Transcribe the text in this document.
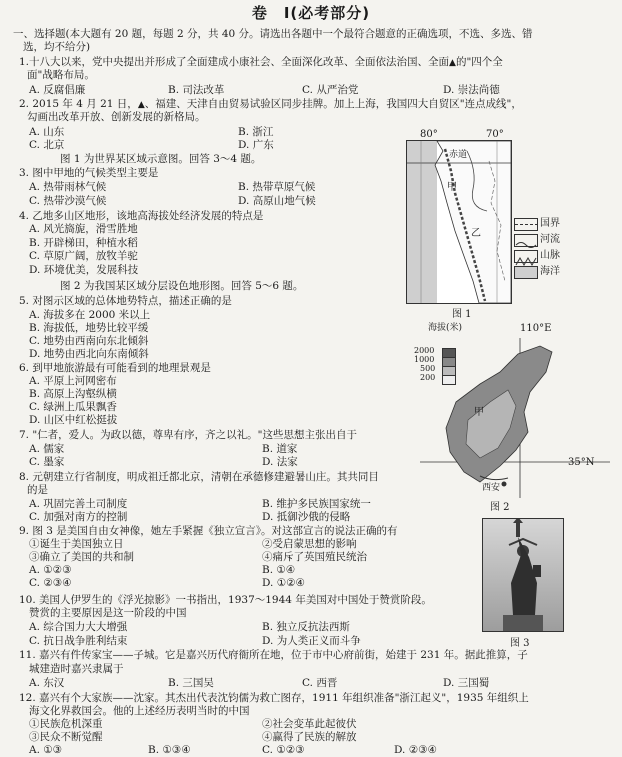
卷　Ⅰ(必考部分)
一、选择题(本大题有 20 题，每题 2 分，共 40 分。请选出各题中一个最符合题意的正确选项，不选、多选、错
选，均不给分)
1.十八大以来，党中央提出并形成了全面建成小康社会、全面深化改革、全面依法治国、全面▲的"四个全
面"战略布局。
A. 反腐倡廉	B. 司法改革	C. 从严治党	D. 崇法尚德
2. 2015 年 4 月 21 日，▲、福建、天津自由贸易试验区同步挂牌。加上上海，我国四大自贸区"连点成线"，
勾画出改革开放、创新发展的新格局。
A. 山东	B. 浙江
C. 北京	D. 广东
图 1 为世界某区域示意图。回答 3～4 题。
3. 图中甲地的气候类型主要是
A. 热带雨林气候	B. 热带草原气候
C. 热带沙漠气候	D. 高原山地气候
4. 乙地多山区地形，该地高海拔处经济发展的特点是
A. 风光旖旎，滑雪胜地
B. 开辟梯田，种植水稻
C. 草原广阔，放牧羊驼
D. 环境优美，发展科技
图 2 为我国某区域分层设色地形图。回答 5～6 题。
5. 对图示区域的总体地势特点，描述正确的是
A. 海拔多在 2000 米以上
B. 海拔低，地势比较平缓
C. 地势由西南向东北倾斜
D. 地势由西北向东南倾斜
6. 到甲地旅游最有可能看到的地理景观是
A. 平原上河网密布
B. 高原上沟壑纵横
C. 绿洲上瓜果飘香
D. 山区中红松挺拔
7. "仁者，爱人。为政以德，尊卑有序，齐之以礼。"这些思想主张出自于
A. 儒家	B. 道家
C. 墨家	D. 法家
8. 元朝建立行省制度，明成祖迁都北京，清朝在承德修建避暑山庄。其共同目
的是
A. 巩固完善土司制度	B. 维护多民族国家统一
C. 加强对南方的控制	D. 抵御沙俄的侵略
9. 图 3 是美国自由女神像，她左手紧握《独立宣言》。对这部宣言的说法正确的有
①诞生于美国独立日	②受启蒙思想的影响
③确立了美国的共和制	④痛斥了英国殖民统治
A. ①②③	B. ①④
C. ②③④	D. ①②④
10. 美国人伊罗生的《浮光掠影》一书指出，1937～1944 年美国对中国处于赞赏阶段。
赞赏的主要原因是这一阶段的中国
A. 综合国力大大增强	B. 独立反抗法西斯
C. 抗日战争胜利结束	D. 为人类正义而斗争
11. 嘉兴有件传家宝——子城。它是嘉兴历代府衙所在地，位于市中心府前街，始建于 231 年。据此推算，子
城建造时嘉兴隶属于
A. 东汉	B. 三国吴	C. 西晋	D. 三国蜀
12. 嘉兴有个大家族——沈家。其杰出代表沈钧儒为救亡图存，1911 年组织准备"浙江起义"，1935 年组织上
海文化界救国会。他的上述经历表明当时的中国
①民族危机深重	②社会变革此起彼伏
③民众不断觉醒	④赢得了民族的解放
A. ①③	B. ①③④	C. ①②③	D. ②③④
80°	70°
赤道
甲
乙
国界
河流
山脉
海洋
图 1
海拔(米)
2000
1000
500
200
110°E
甲
35°N
西安
图 2
图 3
